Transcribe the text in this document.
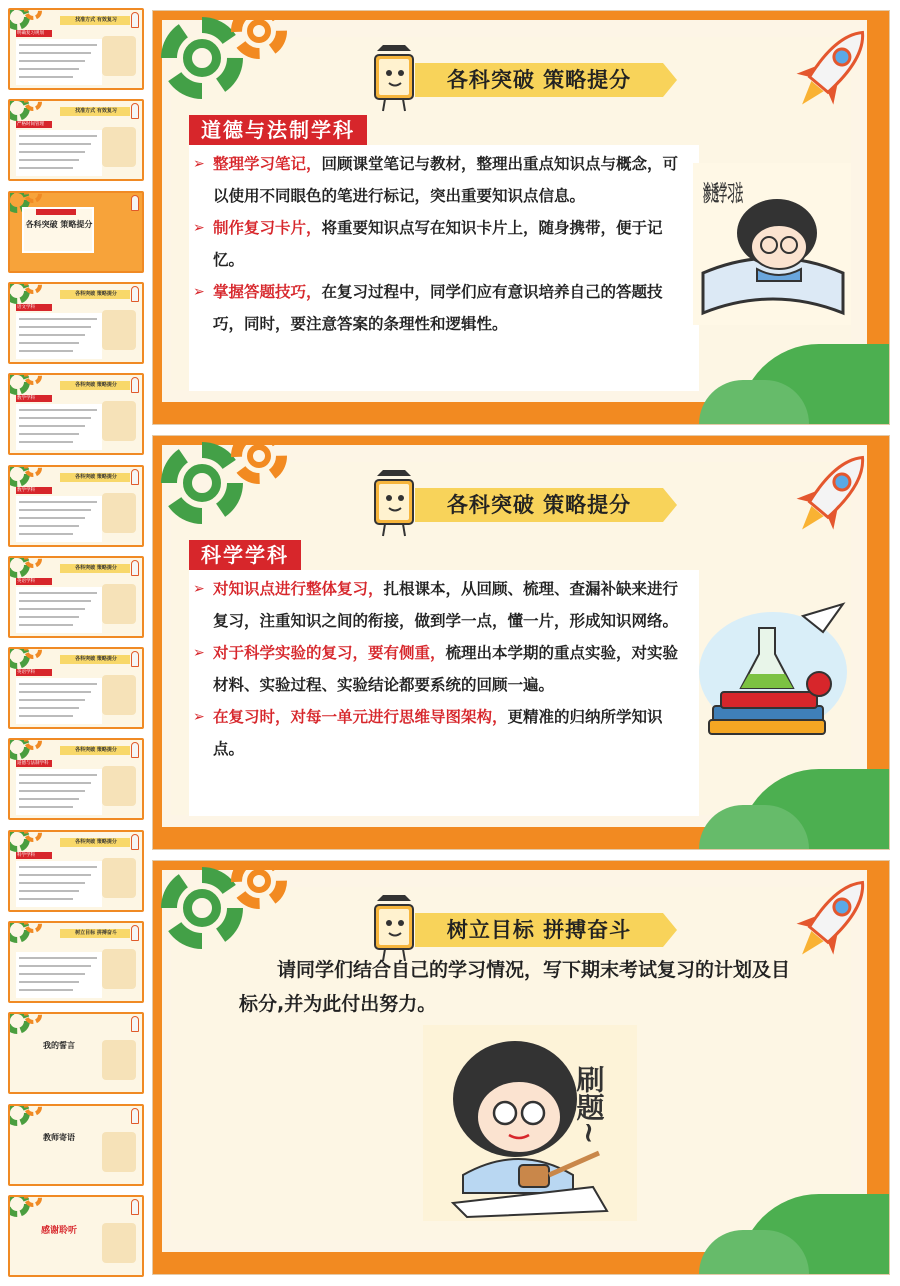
找准方式 有效复习
明确复习规划
找准方式 有效复习
严格时间管理
各科突破 策略提分
各科突破 策略提分
语文学科
各科突破 策略提分
数学学科
各科突破 策略提分
数学学科
各科突破 策略提分
英语学科
各科突破 策略提分
英语学科
各科突破 策略提分
道德与法制学科
各科突破 策略提分
科学学科
树立目标 拼搏奋斗
我的誓言
教师寄语
感谢聆听
各科突破 策略提分
道德与法制学科
➢ 整理学习笔记，回顾课堂笔记与教材，整理出重点知识点与概念，可以使用不同眼色的笔进行标记，突出重要知识点信息。
➢ 制作复习卡片，将重要知识点写在知识卡片上，随身携带，便于记忆。
➢ 掌握答题技巧，在复习过程中，同学们应有意识培养自己的答题技巧，同时，要注意答案的条理性和逻辑性。
渗透学习法
各科突破 策略提分
科学学科
➢ 对知识点进行整体复习，扎根课本，从回顾、梳理、查漏补缺来进行复习，注重知识之间的衔接，做到学一点，懂一片，形成知识网络。
➢ 对于科学实验的复习，要有侧重，梳理出本学期的重点实验，对实验材料、实验过程、实验结论都要系统的回顾一遍。
➢ 在复习时，对每一单元进行思维导图架构，更精准的归纳所学知识点。
树立目标 拼搏奋斗

请同学们结合自己的学习情况，写下期末考试复习的计划及目标分,并为此付出努力。

刷题~
